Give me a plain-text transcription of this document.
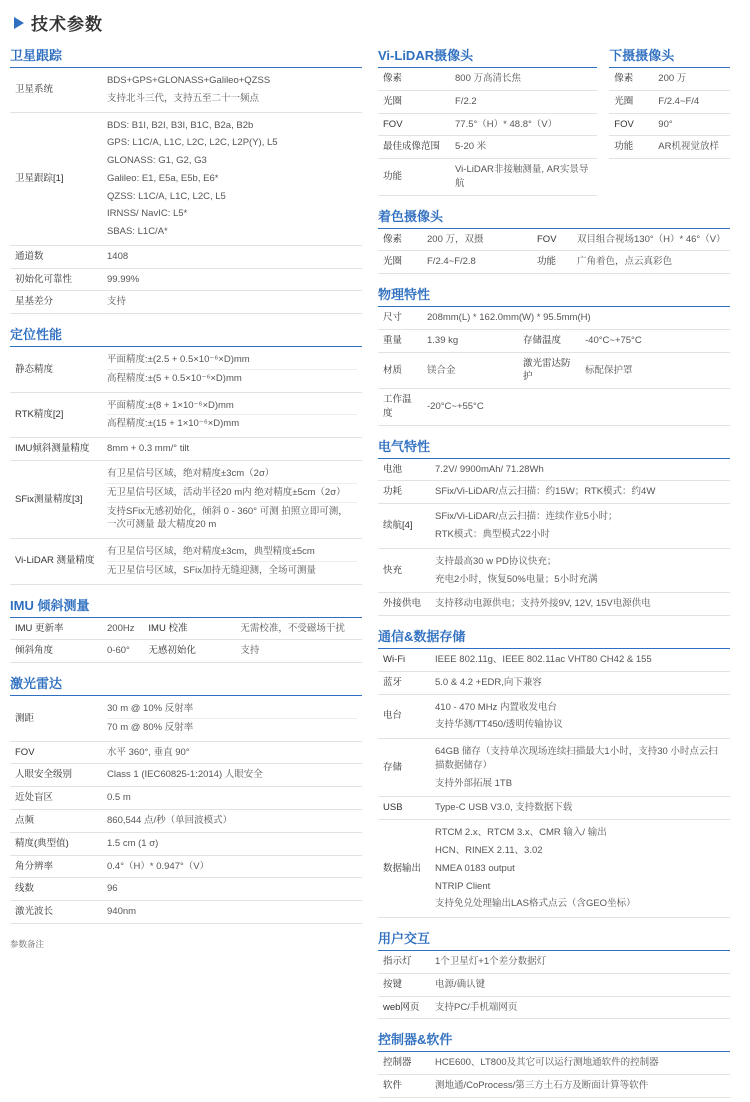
技术参数
卫星跟踪
卫星系统	BDS+GPS+GLONASS+Galileo+QZSS
支持北斗三代，支持五至二十一频点

卫星跟踪[1]	
BDS: B1I, B2I, B3I, B1C, B2a, B2b
GPS: L1C/A, L1C, L2C, L2C, L2P(Y), L5
GLONASS: G1, G2, G3
Galileo: E1, E5a, E5b, E6*
QZSS: L1C/A, L1C, L2C, L5
IRNSS/ NavIC: L5*
SBAS: L1C/A*

通道数	1408
初始化可靠性	99.99%
星基差分	支持
定位性能
静态精度	平面精度:±(2.5 + 0.5×10⁻⁶×D)mm
高程精度:±(5 + 0.5×10⁻⁶×D)mm

RTK精度[2]	平面精度:±(8 + 1×10⁻⁶×D)mm
高程精度:±(15 + 1×10⁻⁶×D)mm

IMU倾斜测量精度	8mm + 0.3 mm/° tilt
SFix测量精度[3]	有卫星信号区域，绝对精度±3cm（2σ）
无卫星信号区域，活动半径20 m内 绝对精度±5cm（2σ）
支持SFix无感初始化，倾斜 0 - 360° 可测 拍照立即可测，一次可测量 最大精度20 m

Vi-LiDAR 测量精度	有卫星信号区域，绝对精度±3cm，典型精度±5cm
无卫星信号区域，SFix加持无缝迎测，全场可测量
IMU 倾斜测量
IMU 更新率	200Hz	IMU 校准	无需校准，不受磁场干扰
倾斜角度	0-60°	无感初始化	支持
激光雷达
测距	30 m @ 10% 反射率
70 m @ 80% 反射率

FOV	水平 360°, 垂直 90°
人眼安全级别	Class 1 (IEC60825-1:2014) 人眼安全
近处盲区	0.5 m
点频	860,544 点/秒（单回波模式）
精度(典型值)	1.5 cm (1 σ)
角分辨率	0.4°（H）* 0.947°（V）
线数	96
激光波长	940nm
参数备注
Vi-LiDAR摄像头
像素	800 万高清长焦
光圈	F/2.2
FOV	77.5°（H）* 48.8°（V）
最佳成像范围	5-20 米
功能	Vi-LiDAR非接触测量, AR实景导航
下摄摄像头
像素	200 万
光圈	F/2.4~F/4
FOV	90°
功能	AR机视觉放样
着色摄像头
像素	200 万，双摄	FOV	双目组合视场130°（H）* 46°（V）
光圈	F/2.4~F/2.8	功能	广角着色，点云真彩色
物理特性
尺寸	208mm(L) * 162.0mm(W) * 95.5mm(H)		
重量	1.39 kg	存储温度	-40°C~+75°C
材质	镁合金	激光雷达防护	标配保护罩
工作温度	-20°C~+55°C		
电气特性
电池	7.2V/ 9900mAh/ 71.28Wh
功耗	SFix/Vi-LiDAR/点云扫描：约15W；RTK模式：约4W
续航[4]	SFix/Vi-LiDAR/点云扫描：连续作业5小时；
RTK模式：典型模式22小时

快充	支持最高30 w PD协议快充；
充电2小时，恢复50%电量；5小时充满

外接供电	支持移动电源供电；支持外接9V, 12V, 15V电源供电
通信&数据存储
Wi-Fi	IEEE 802.11g、IEEE 802.11ac VHT80 CH42 & 155
蓝牙	5.0 & 4.2 +EDR,向下兼容
电台	410 - 470 MHz 内置收发电台
支持华测/TT450/透明传输协议

存储	64GB 储存（支持单次现场连续扫描最大1小时，支持30 小时点云扫描数据储存）
支持外部拓展 1TB

USB	Type-C USB V3.0, 支持数据下载
数据输出	RTCM 2.x、RTCM 3.x、CMR 输入/ 输出
HCN、RINEX 2.11、3.02
NMEA 0183 output
NTRIP Client
支持免兑处理输出LAS格式点云（含GEO坐标）
用户交互
指示灯	1个卫星灯+1个差分数据灯
按键	电源/确认键
web网页	支持PC/手机端网页
控制器&软件
控制器	HCE600、LT800及其它可以运行测地通软件的控制器
软件	测地通/CoProcess/第三方土石方及断面计算等软件
